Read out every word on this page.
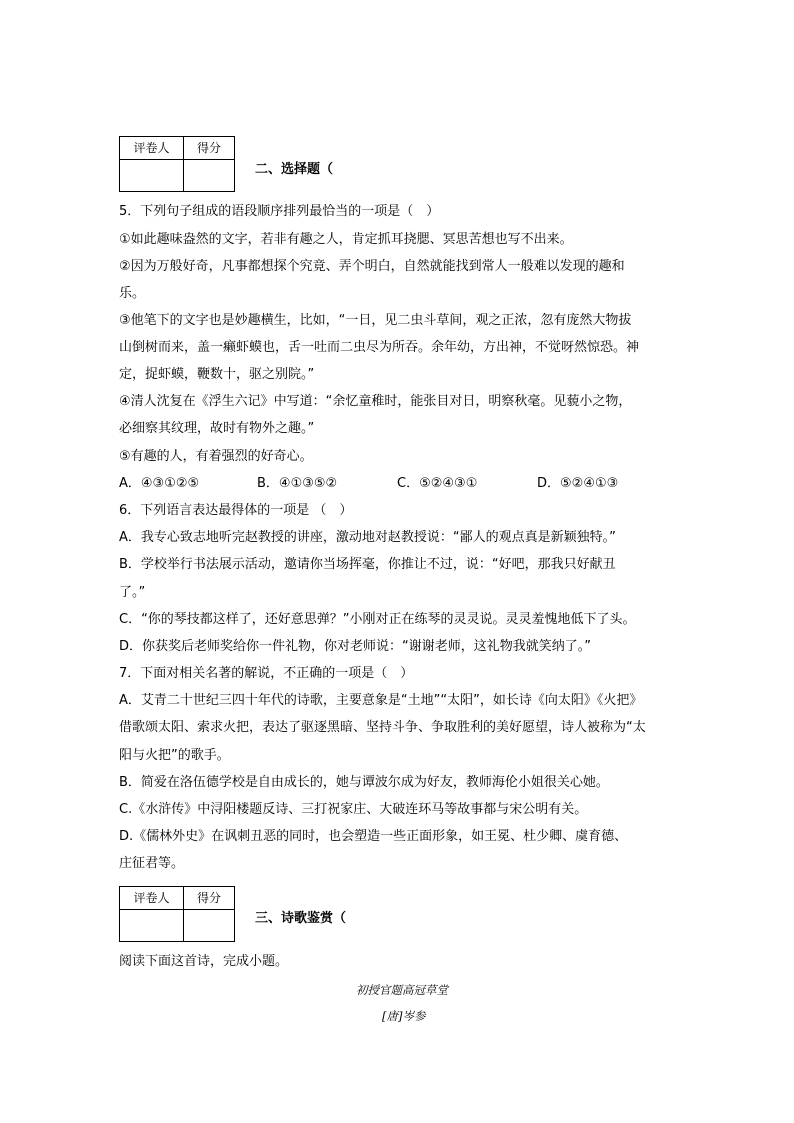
评卷人	得分

二、选择题（
5．下列句子组成的语段顺序排列最恰当的一项是（　）
①如此趣味盎然的文字，若非有趣之人，肯定抓耳挠腮、冥思苦想也写不出来。
②因为万般好奇，凡事都想探个究竟、弄个明白，自然就能找到常人一般难以发现的趣和
乐。
③他笔下的文字也是妙趣横生，比如，“一日，见二虫斗草间，观之正浓，忽有庞然大物拔
山倒树而来，盖一癞虾蟆也，舌一吐而二虫尽为所吞。余年幼，方出神，不觉呀然惊恐。神
定，捉虾蟆，鞭数十，驱之别院。”
④清人沈复在《浮生六记》中写道：“余忆童稚时，能张目对日，明察秋毫。见藐小之物，
必细察其纹理，故时有物外之趣。”
⑤有趣的人，有着强烈的好奇心。
A．④③①②⑤	B．④①③⑤②	C．⑤②④③①	D．⑤②④①③
6．下列语言表达最得体的一项是 （　）
A．我专心致志地听完赵教授的讲座，激动地对赵教授说：“鄙人的观点真是新颖独特。”
B．学校举行书法展示活动，邀请你当场挥毫，你推让不过，说：“好吧，那我只好献丑
了。”
C．“你的琴技都这样了，还好意思弹？”小刚对正在练琴的灵灵说。灵灵羞愧地低下了头。
D．你获奖后老师奖给你一件礼物，你对老师说：“谢谢老师，这礼物我就笑纳了。”
7．下面对相关名著的解说，不正确的一项是（　）
A．艾青二十世纪三四十年代的诗歌，主要意象是“土地”“太阳”，如长诗《向太阳》《火把》
借歌颂太阳、索求火把，表达了驱逐黑暗、坚持斗争、争取胜利的美好愿望，诗人被称为“太
阳与火把”的歌手。
B．简爱在洛伍德学校是自由成长的，她与谭波尔成为好友，教师海伦小姐很关心她。
C.《水浒传》中浔阳楼题反诗、三打祝家庄、大破连环马等故事都与宋公明有关。
D.《儒林外史》在讽刺丑恶的同时，也会塑造一些正面形象，如王冕、杜少卿、虞育德、
庄征君等。
评卷人	得分

三、诗歌鉴赏（
阅读下面这首诗，完成小题。
初授官题高冠草堂
[唐]岑参
